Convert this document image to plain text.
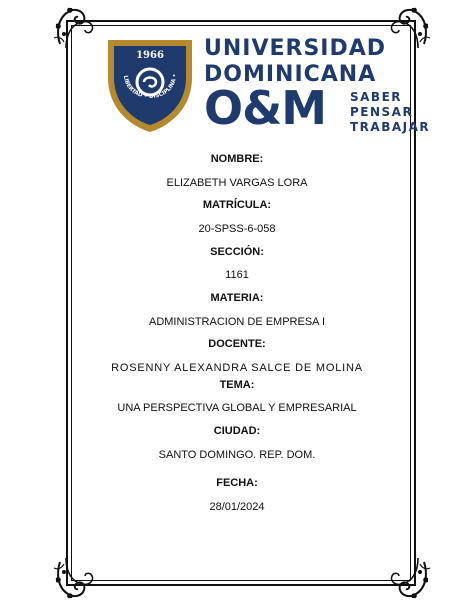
LIBERTAD • DISCIPLINA •
1966 UNIVERSIDAD
DOMINICANA
O&M SABER
PENSAR
TRABAJAR
NOMBRE:
ELIZABETH VARGAS LORA
MATRÍCULA:
20-SPSS-6-058
SECCIÓN:
1161
MATERIA:
ADMINISTRACION DE EMPRESA I
DOCENTE:
ROSENNY ALEXANDRA SALCE DE MOLINA
TEMA:
UNA PERSPECTIVA GLOBAL Y EMPRESARIAL
CIUDAD:
SANTO DOMINGO. REP. DOM.
FECHA:
28/01/2024
